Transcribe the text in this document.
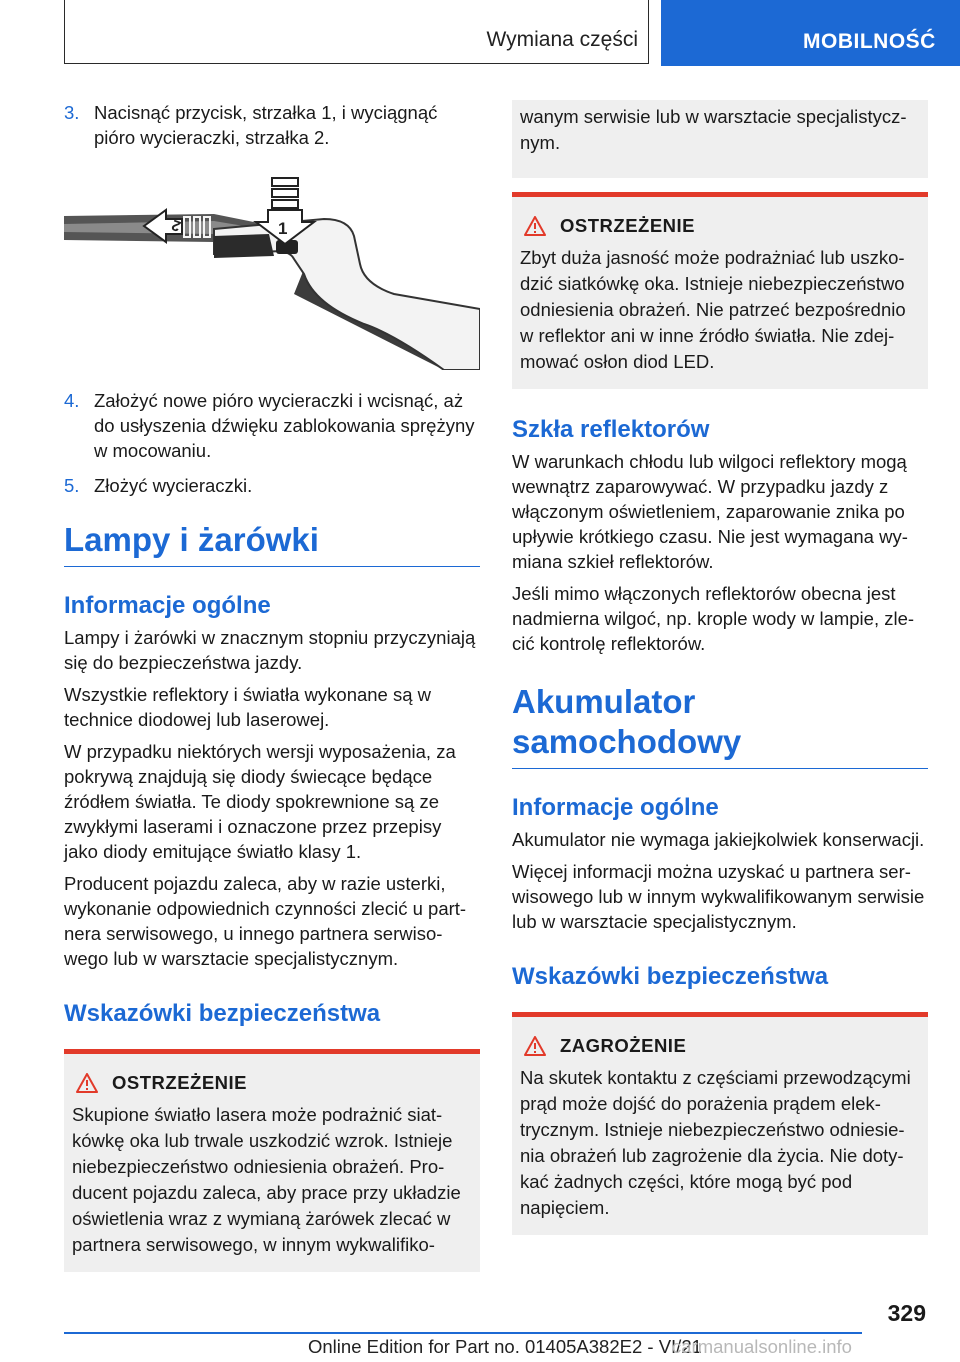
Wymiana części	MOBILNOŚĆ
3. Nacisnąć przycisk, strzałka 1, i wyciągnąć pióro wycieraczki, strzałka 2.
2	1
4. Założyć nowe pióro wycieraczki i wcisnąć, aż do usłyszenia dźwięku zablokowania sprężyny w mocowaniu.
5. Złożyć wycieraczki.
Lampy i żarówki
Informacje ogólne

Lampy i żarówki w znacznym stopniu przyczyniają się do bezpieczeństwa jazdy.

Wszystkie reflektory i światła wykonane są w technice diodowej lub laserowej.

W przypadku niektórych wersji wyposażenia, za pokrywą znajdują się diody świecące będące źródłem światła. Te diody spokrewnione są ze zwykłymi laserami i oznaczone przez przepisy jako diody emitujące światło klasy 1.

Producent pojazdu zaleca, aby w razie usterki, wykonanie odpowiednich czynności zlecić u partnera serwisowego, u innego partnera serwisowego lub w warsztacie specjalistycznym.

Wskazówki bezpieczeństwa
OSTRZEŻENIE

Skupione światło lasera może podrażnić siatkówkę oka lub trwale uszkodzić wzrok. Istnieje niebezpieczeństwo odniesienia obrażeń. Producent pojazdu zaleca, aby prace przy układzie oświetlenia wraz z wymianą żarówek zlecać w partnera serwisowego, w innym wykwalifiko-

wanym serwisie lub w warsztacie specjalistycznym.
OSTRZEŻENIE

Zbyt duża jasność może podrażniać lub uszkodzić siatkówkę oka. Istnieje niebezpieczeństwo odniesienia obrażeń. Nie patrzeć bezpośrednio w reflektor ani w inne źródło światła. Nie zdejmować osłon diod LED.

Szkła reflektorów

W warunkach chłodu lub wilgoci reflektory mogą wewnątrz zaparowywać. W przypadku jazdy z włączonym oświetleniem, zaparowanie znika po upływie krótkiego czasu. Nie jest wymagana wymiana szkieł reflektorów.

Jeśli mimo włączonych reflektorów obecna jest nadmierna wilgoć, np. krople wody w lampie, zlecić kontrolę reflektorów.

Akumulator samochodowy
Informacje ogólne

Akumulator nie wymaga jakiejkolwiek konserwacji.

Więcej informacji można uzyskać u partnera serwisowego lub w innym wykwalifikowanym serwisie lub w warsztacie specjalistycznym.

Wskazówki bezpieczeństwa
ZAGROŻENIE

Na skutek kontaktu z częściami przewodzącymi prąd może dojść do porażenia prądem elektrycznym. Istnieje niebezpieczeństwo odniesienia obrażeń lub zagrożenie dla życia. Nie dotykać żadnych części, które mogą być pod napięciem.

329
Online Edition for Part no. 01405A382E2 - VI/21
carmanualsonline.info
